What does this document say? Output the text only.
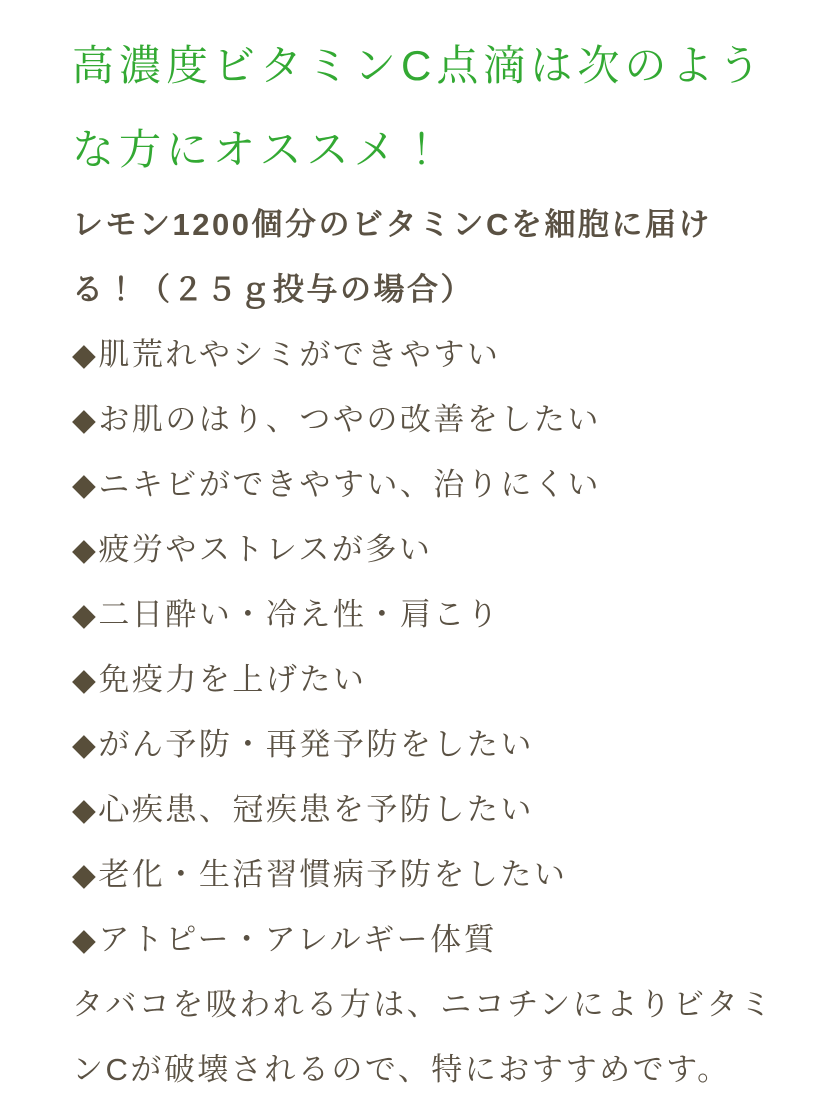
高濃度ビタミンC点滴は次のような方にオススメ！

レモン1200個分のビタミンCを細胞に届ける！（２５ｇ投与の場合）

◆肌荒れやシミができやすい
◆お肌のはり、つやの改善をしたい
◆ニキビができやすい、治りにくい
◆疲労やストレスが多い
◆二日酔い・冷え性・肩こり
◆免疫力を上げたい
◆がん予防・再発予防をしたい
◆心疾患、冠疾患を予防したい
◆老化・生活習慣病予防をしたい
◆アトピー・アレルギー体質

タバコを吸われる方は、ニコチンによりビタミンCが破壊されるので、特におすすめです。
